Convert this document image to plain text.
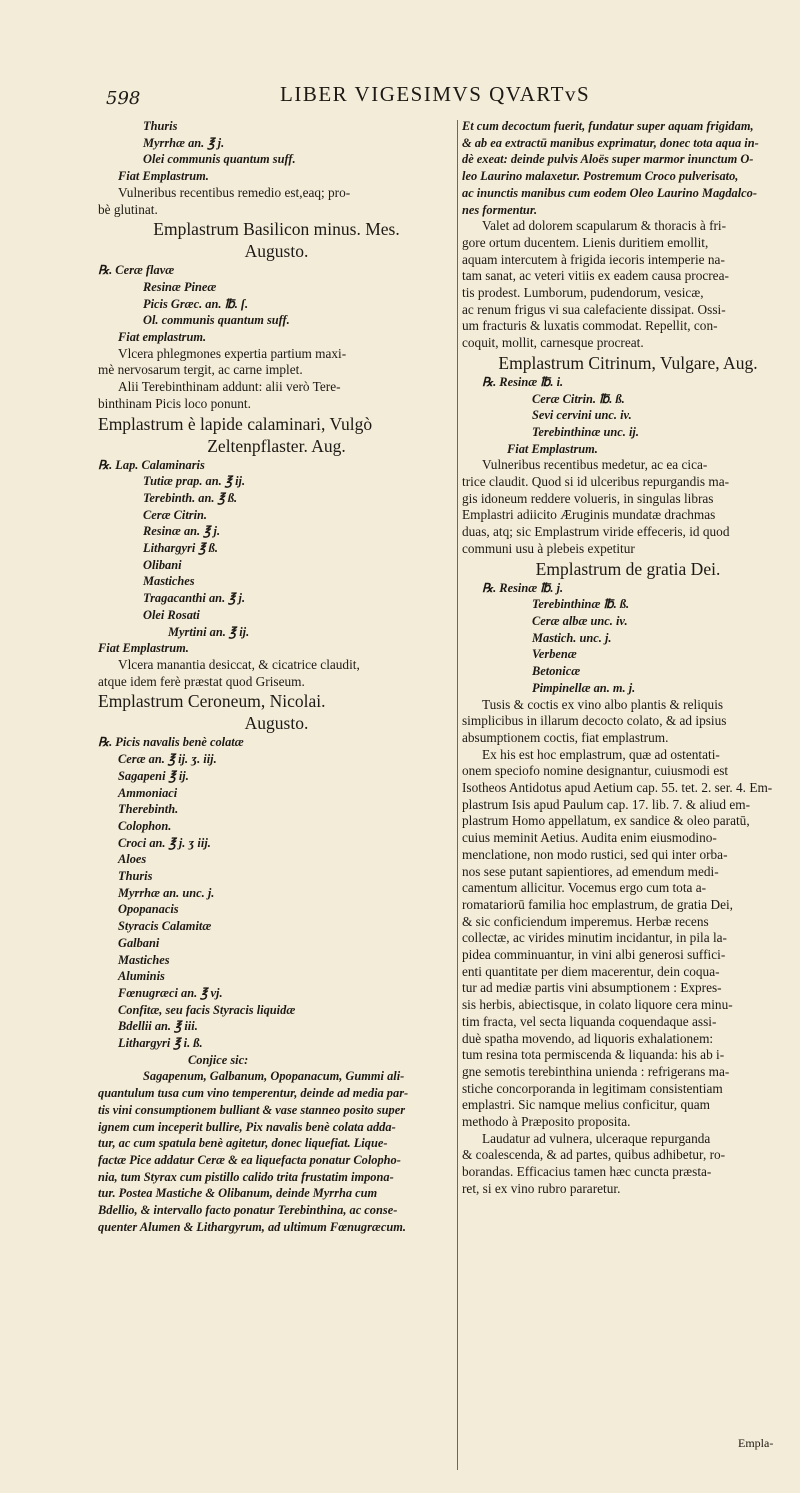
598	LIBER VIGESIMVS QVARTvS
Thuris
Myrrhæ an. ℥ j.
Olei communis quantum suff.
Fiat Emplastrum.
Vulneribus recentibus remedio est,eaq; pro-
bè glutinat.
Emplastrum Basilicon minus. Mes.
Augusto.
℞. Ceræ flavæ
Resinæ Pineæ
Picis Græc. an. ℔. ſ.
Ol. communis quantum suff.
Fiat emplastrum.
Vlcera phlegmones expertia partium maxi-
mè nervosarum tergit, ac carne implet.
Alii Terebinthinam addunt: alii verò Tere-
binthinam Picis loco ponunt.
Emplastrum è lapide calaminari, Vulgò
Zeltenpflaster. Aug.
℞. Lap. Calaminaris
Tutiæ prap. an. ℥ ij.
Terebinth. an. ℥ ß.
Ceræ Citrin.
Resinæ an. ℥ j.
Lithargyri ℥ ß.
Olibani
Mastiches
Tragacanthi an. ℥ j.
Olei Rosati
Myrtini an. ℥ ij.
Fiat Emplastrum.
Vlcera manantia desiccat, & cicatrice claudit,
atque idem ferè præstat quod Griseum.
Emplastrum Ceroneum, Nicolai.
Augusto.
℞. Picis navalis benè colatæ
Ceræ an. ℥ ij. ʒ. iij.
Sagapeni ℥ ij.
Ammoniaci
Therebinth.
Colophon.
Croci an. ℥ j. ʒ iij.
Aloes
Thuris
Myrrhæ an. unc. j.
Opopanacis
Styracis Calamitæ
Galbani
Mastiches
Aluminis
Fœnugræci an. ℥ vj.
Confitæ, seu facis Styracis liquidæ
Bdellii an. ℥ iii.
Lithargyri ℥ i. ß.
Conjice sic:
Sagapenum, Galbanum, Opopanacum, Gummi ali-
quantulum tusa cum vino temperentur, deinde ad media par-
tis vini consumptionem bulliant & vase stanneo posito super
ignem cum inceperit bullire, Pix navalis benè colata adda-
tur, ac cum spatula benè agitetur, donec liquefiat. Lique-
factæ Pice addatur Ceræ & ea liquefacta ponatur Colopho-
nia, tum Styrax cum pistillo calido trita frustatim impona-
tur. Postea Mastiche & Olibanum, deinde Myrrha cum
Bdellio, & intervallo facto ponatur Terebinthina, ac conse-
quenter Alumen & Lithargyrum, ad ultimum Fœnugræcum.
Et cum decoctum fuerit, fundatur super aquam frigidam,
& ab ea extractū manibus exprimatur, donec tota aqua in-
dè exeat: deinde pulvis Aloës super marmor inunctum O-
leo Laurino malaxetur. Postremum Croco pulverisato,
ac inunctis manibus cum eodem Oleo Laurino Magdalco-
nes formentur.
Valet ad dolorem scapularum & thoracis à fri-
gore ortum ducentem. Lienis duritiem emollit,
aquam intercutem à frigida iecoris intemperie na-
tam sanat, ac veteri vitiis ex eadem causa procrea-
tis prodest. Lumborum, pudendorum, vesicæ,
ac renum frigus vi sua calefaciente dissipat. Ossi-
um fracturis & luxatis commodat. Repellit, con-
coquit, mollit, carnesque procreat.
Emplastrum Citrinum, Vulgare, Aug.
℞. Resinæ ℔. i.
Ceræ Citrin. ℔. ß.
Sevi cervini unc. iv.
Terebinthinæ unc. ij.
Fiat Emplastrum.
Vulneribus recentibus medetur, ac ea cica-
trice claudit. Quod si id ulceribus repurgandis ma-
gis idoneum reddere volueris, in singulas libras
Emplastri adiicito Æruginis mundatæ drachmas
duas, atq; sic Emplastrum viride effeceris, id quod
communi usu à plebeis expetitur
Emplastrum de gratia Dei.
℞. Resinæ ℔. j.
Terebinthinæ ℔. ß.
Ceræ albæ unc. iv.
Mastich. unc. j.
Verbenæ
Betonicæ
Pimpinellæ an. m. j.
Tusis & coctis ex vino albo plantis & reliquis
simplicibus in illarum decocto colato, & ad ipsius
absumptionem coctis, fiat emplastrum.
Ex his est hoc emplastrum, quæ ad ostentati-
onem speciofo nomine designantur, cuiusmodi est
Isotheos Antidotus apud Aetium cap. 55. tet. 2. ser. 4. Em-
plastrum Isis apud Paulum cap. 17. lib. 7. & aliud em-
plastrum Homo appellatum, ex sandice & oleo paratū,
cuius meminit Aetius. Audita enim eiusmodino-
menclatione, non modo rustici, sed qui inter orba-
nos sese putant sapientiores, ad emendum medi-
camentum allicitur. Vocemus ergo cum tota a-
romatariorū familia hoc emplastrum, de gratia Dei,
& sic conficiendum imperemus. Herbæ recens
collectæ, ac virides minutim incidantur, in pila la-
pidea comminuantur, in vini albi generosi suffici-
enti quantitate per diem macerentur, dein coqua-
tur ad mediæ partis vini absumptionem : Expres-
sis herbis, abiectisque, in colato liquore cera minu-
tim fracta, vel secta liquanda coquendaque assi-
duè spatha movendo, ad liquoris exhalationem:
tum resina tota permiscenda & liquanda: his ab i-
gne semotis terebinthina unienda : refrigerans ma-
stiche concorporanda in legitimam consistentiam
emplastri. Sic namque melius conficitur, quam
methodo à Præposito proposita.
Laudatur ad vulnera, ulceraque repurganda
& coalescenda, & ad partes, quibus adhibetur, ro-
borandas. Efficacius tamen hæc cuncta præsta-
ret, si ex vino rubro pararetur.
Empla-
